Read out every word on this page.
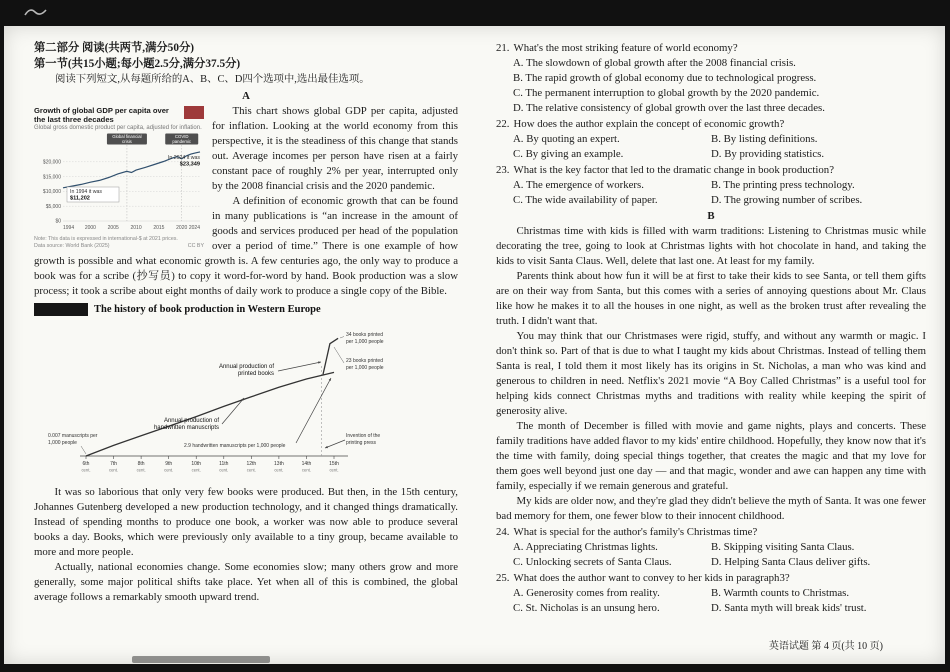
第二部分 阅读(共两节,满分50分)
第一节(共15小题;每小题2.5分,满分37.5分)
阅读下列短文,从每题所给的A、B、C、D四个选项中,选出最佳选项。
A
Growth of global GDP per capita over the last three decades
Global gross domestic product per capita, adjusted for inflation.
$0
$5,000
$10,000
$15,000
$20,000
1994 2000 2005 2010 2015 2020 2024
Global financial
crisis
COVID
pandemic
In 1994 it was
$11,202
In 2024 it was
$23,349
Note: This data is expressed in international-$ at 2021 prices.
CC BY
Data source: World Bank (2025)

This chart shows global GDP per capita, adjusted for inflation. Looking at the world economy from this perspective, it is the steadiness of this change that stands out. Average incomes per person have risen at a fairly constant pace of roughly 2% per year, interrupted only by the 2008 financial crisis and the 2020 pandemic.

A definition of economic growth that can be found in many publications is “an increase in the amount of goods and services produced per head of the population over a period of time.” There is one example of how growth is possible and what economic growth is. A few centuries ago, the only way to produce a book was for a scribe (抄写员) to copy it word-for-word by hand. Book production was a slow process; it took a scribe about eight months of daily work to produce a single copy of the Bible.

The history of book production in Western Europe
6th
cent.
7th
cent.
8th
cent.
9th
cent.
10th
cent.
11th
cent.
12th
cent.
13th
cent.
14th
cent.
15th
cent.
Annual production of
printed books
Annual production of
handwritten manuscripts
34 books printed
per 1,000 people
23 books printed
per 1,000 people
0.007 manuscripts per
1,000 people	2.9 handwritten manuscripts per 1,000 people
Invention of the
printing press

It was so laborious that only very few books were produced. But then, in the 15th century, Johannes Gutenberg developed a new production technology, and it changed things dramatically. Instead of spending months to produce one book, a worker was now able to produce several books a day. Books, which were previously only available to a tiny group, became available to more and more people.

Actually, national economies change. Some economies slow; many others grow and more generally, some major political shifts take place. Yet when all of this is combined, the global average follows a remarkably smooth upward trend.

21. What's the most striking feature of world economy?
A. The slowdown of global growth after the 2008 financial crisis.
B. The rapid growth of global economy due to technological progress.
C. The permanent interruption to global growth by the 2020 pandemic.
D. The relative consistency of global growth over the last three decades.
22. How does the author explain the concept of economic growth?
A. By quoting an expert.	B. By listing definitions.
C. By giving an example.	D. By providing statistics.
23. What is the key factor that led to the dramatic change in book production?
A. The emergence of workers.	B. The printing press technology.
C. The wide availability of paper.	D. The growing number of scribes.
B

Christmas time with kids is filled with warm traditions: Listening to Christmas music while decorating the tree, going to look at Christmas lights with hot chocolate in hand, and taking the kids to visit Santa Claus. Well, delete that last one. At least for my family.

Parents think about how fun it will be at first to take their kids to see Santa, or tell them gifts are on their way from Santa, but this comes with a series of annoying questions about Mr. Claus like how he makes it to all the houses in one night, as well as the broken trust after revealing the truth. I didn't want that.

You may think that our Christmases were rigid, stuffy, and without any warmth or magic. I don't think so. Part of that is due to what I taught my kids about Christmas. Instead of telling them Santa is real, I told them it most likely has its origins in St. Nicholas, a man who was kind and generous to children in need. Netflix's 2021 movie “A Boy Called Christmas” is a useful tool for helping kids connect Christmas myths and traditions with reality while keeping the spirit of generosity alive.

The month of December is filled with movie and game nights, plays and concerts. These family traditions have added flavor to my kids' entire childhood. Hopefully, they know now that it's the time with family, doing special things together, that creates the magic and that my love for them goes well beyond just one day — and that magic, wonder and awe can happen any time with family, especially if we remain generous and grateful.

My kids are older now, and they're glad they didn't believe the myth of Santa. It was one fewer bad memory for them, one fewer blow to their innocent childhood.

24. What is special for the author's family's Christmas time?
A. Appreciating Christmas lights.	B. Skipping visiting Santa Claus.
C. Unlocking secrets of Santa Claus.	D. Helping Santa Claus deliver gifts.
25. What does the author want to convey to her kids in paragraph3?
A. Generosity comes from reality.	B. Warmth counts to Christmas.
C. St. Nicholas is an unsung hero.	D. Santa myth will break kids' trust.
英语试题 第 4 页(共 10 页)
